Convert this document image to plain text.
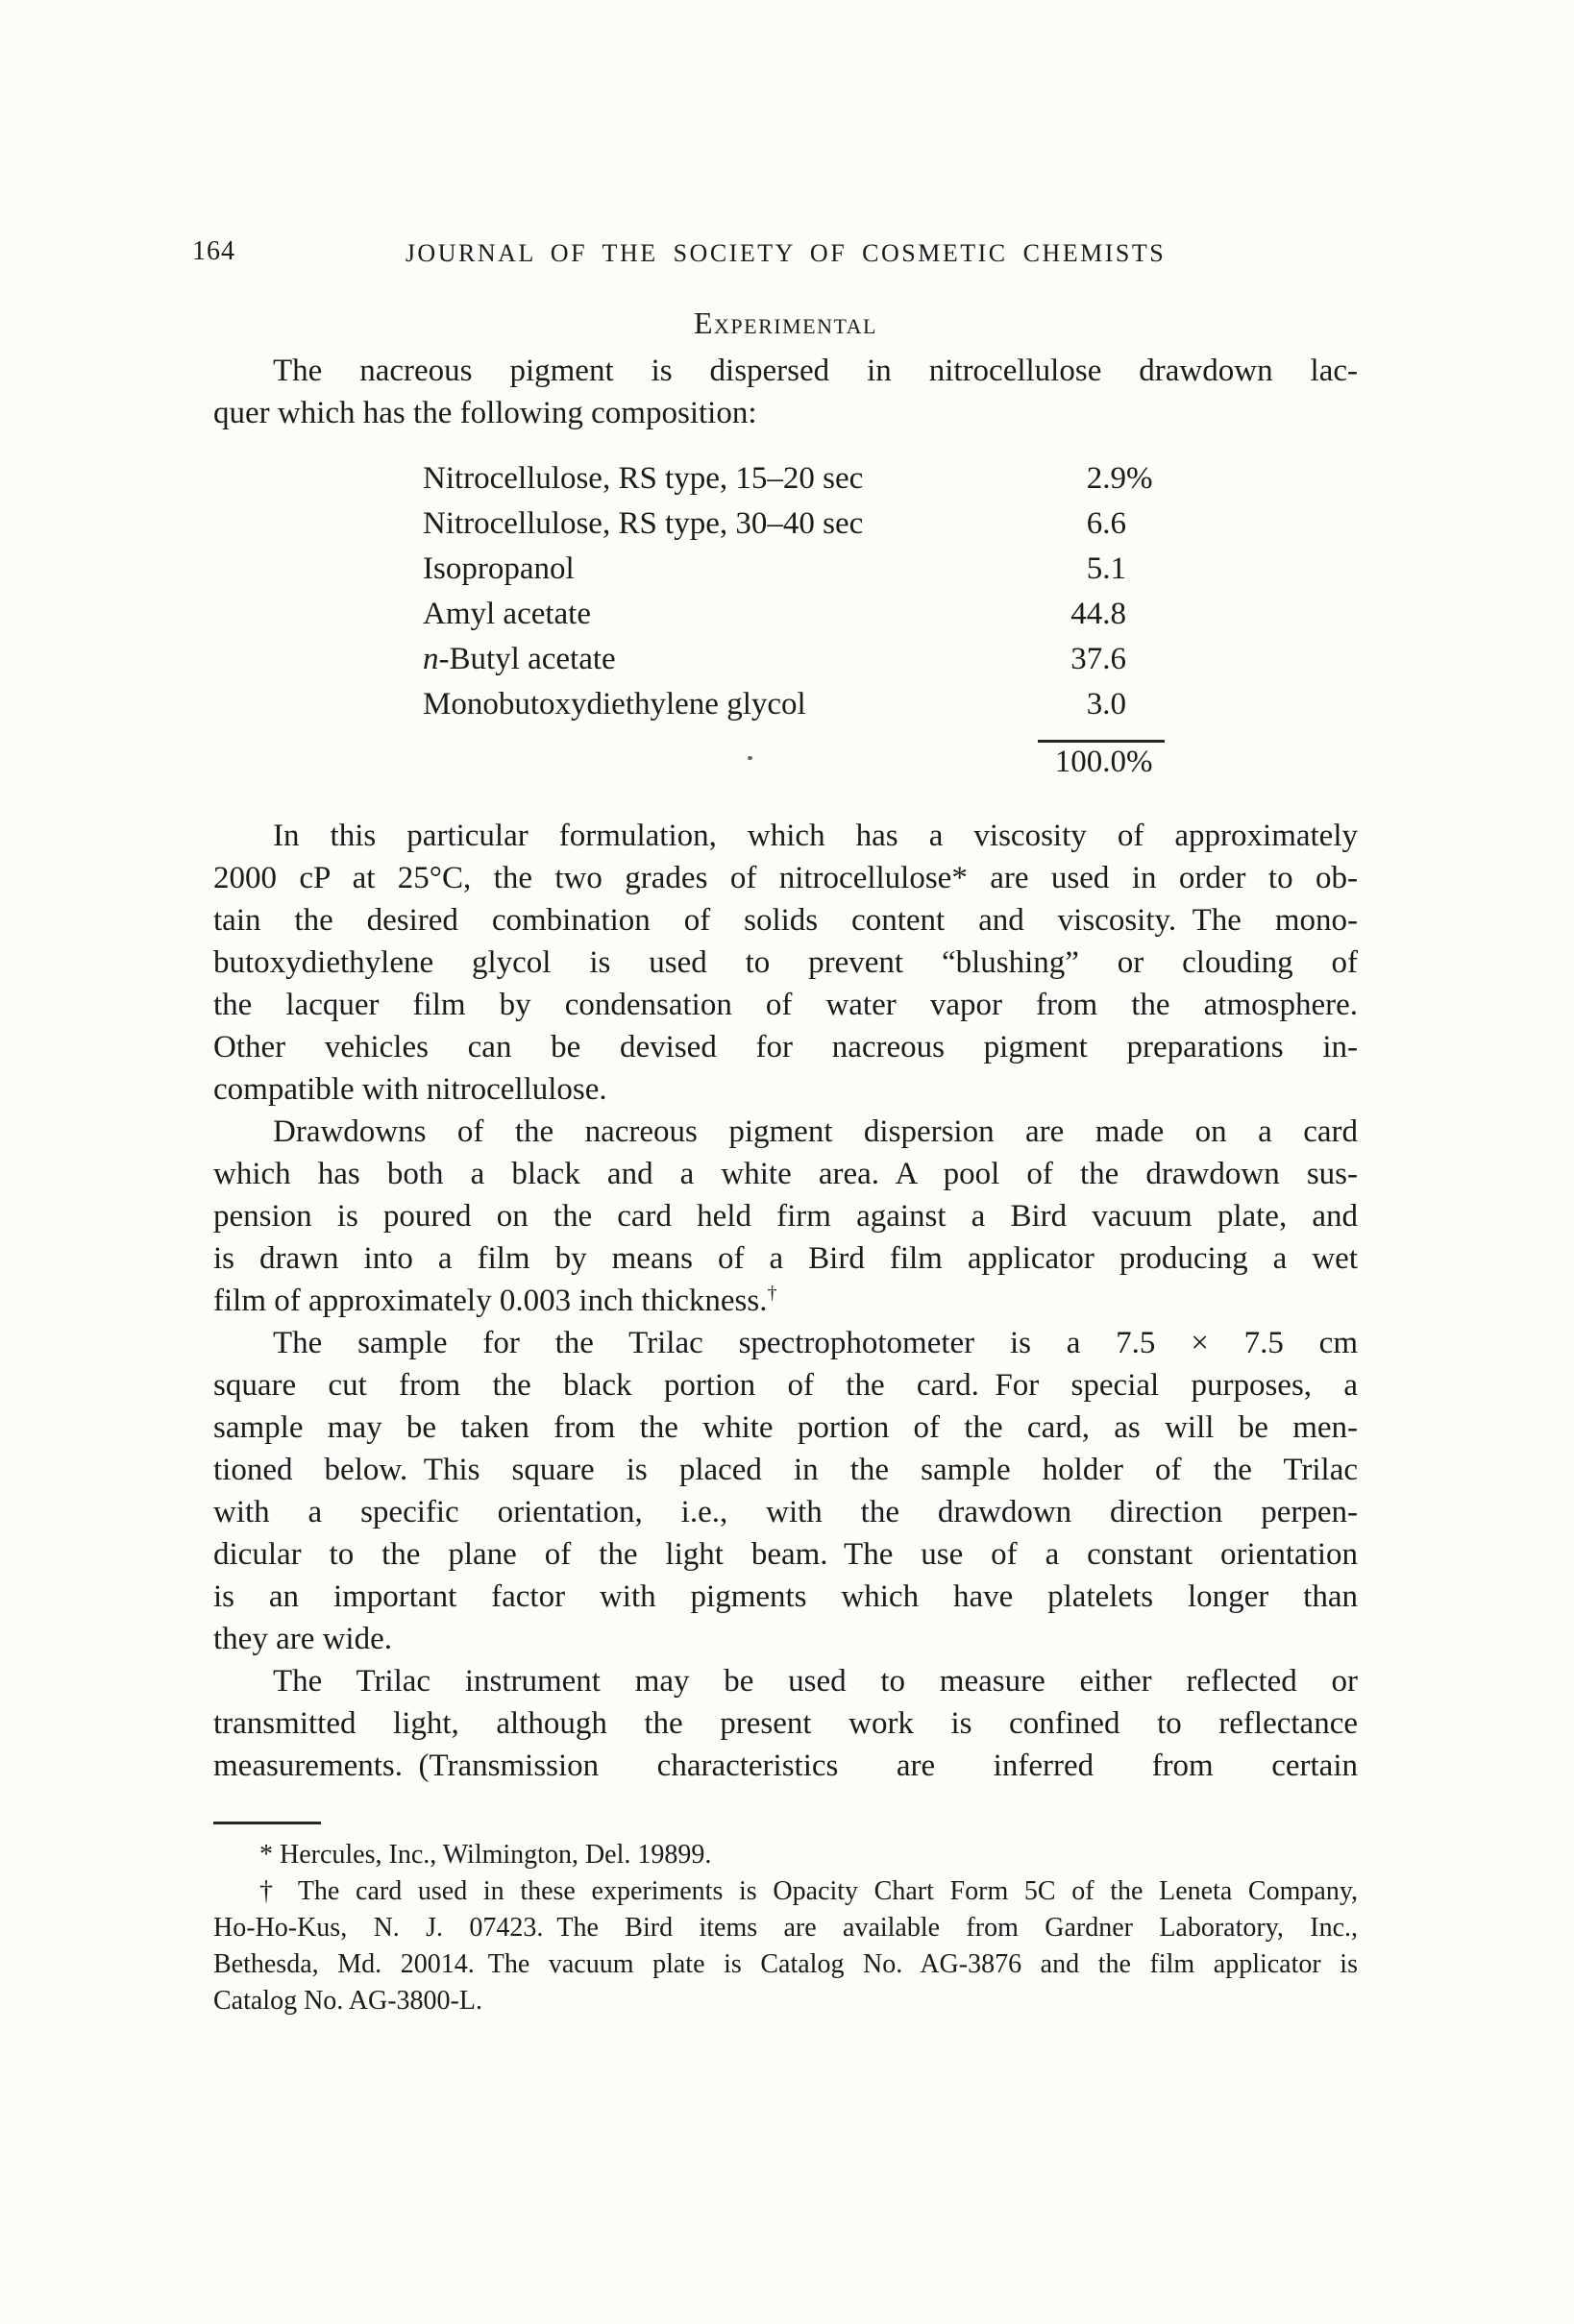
164	JOURNAL OF THE SOCIETY OF COSMETIC CHEMISTS
Experimental
The nacreous pigment is dispersed in nitrocellulose drawdown lac-
quer which has the following composition:
Nitrocellulose, RS type, 15–20 sec	2.9 %
Nitrocellulose, RS type, 30–40 sec	6.6
Isopropanol	5.1
Amyl acetate	44.8
n-Butyl acetate	37.6
Monobutoxydiethylene glycol	3.0
100.0 %
In this particular formulation, which has a viscosity of approximately
2000 cP at 25°C, the two grades of nitrocellulose* are used in order to ob-
tain the desired combination of solids content and viscosity. The mono-
butoxydiethylene glycol is used to prevent “blushing” or clouding of
the lacquer film by condensation of water vapor from the atmosphere.
Other vehicles can be devised for nacreous pigment preparations in-
compatible with nitrocellulose.
Drawdowns of the nacreous pigment dispersion are made on a card
which has both a black and a white area. A pool of the drawdown sus-
pension is poured on the card held firm against a Bird vacuum plate, and
is drawn into a film by means of a Bird film applicator producing a wet
film of approximately 0.003 inch thickness.†
The sample for the Trilac spectrophotometer is a 7.5 × 7.5 cm
square cut from the black portion of the card. For special purposes, a
sample may be taken from the white portion of the card, as will be men-
tioned below. This square is placed in the sample holder of the Trilac
with a specific orientation, i.e., with the drawdown direction perpen-
dicular to the plane of the light beam. The use of a constant orientation
is an important factor with pigments which have platelets longer than
they are wide.
The Trilac instrument may be used to measure either reflected or
transmitted light, although the present work is confined to reflectance
measurements. (Transmission characteristics are inferred from certain
* Hercules, Inc., Wilmington, Del. 19899.
† The card used in these experiments is Opacity Chart Form 5C of the Leneta Company,
Ho-Ho-Kus, N. J. 07423. The Bird items are available from Gardner Laboratory, Inc.,
Bethesda, Md. 20014. The vacuum plate is Catalog No. AG-3876 and the film applicator is
Catalog No. AG-3800-L.
